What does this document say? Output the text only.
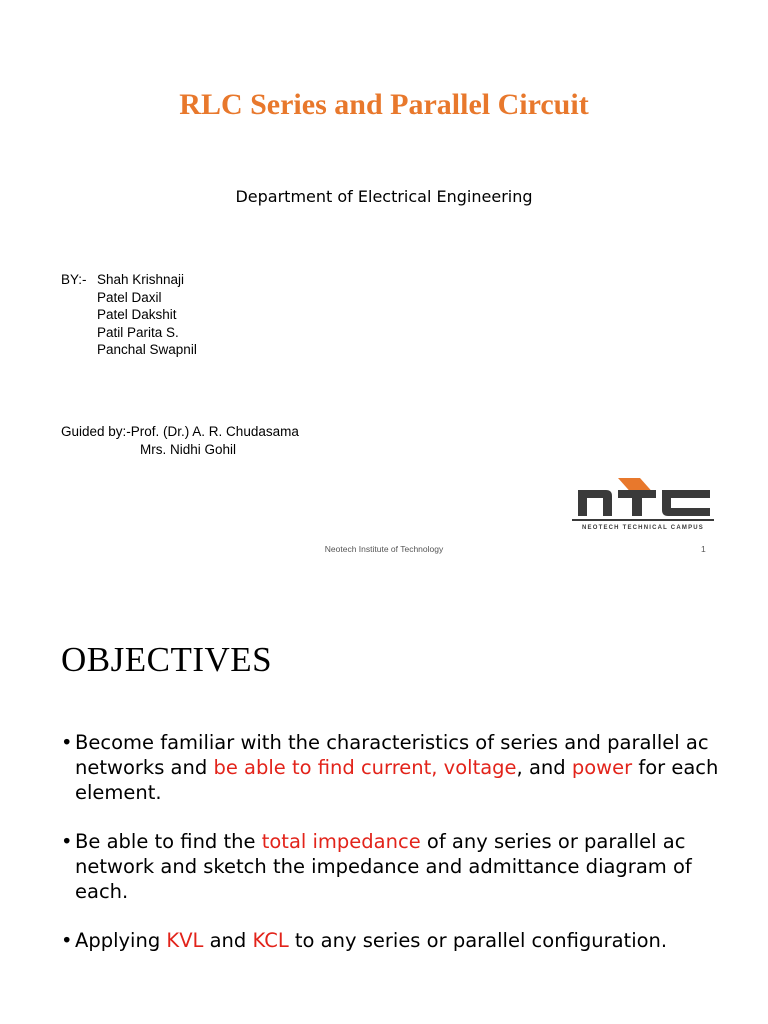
RLC Series and Parallel Circuit
Department of Electrical Engineering
BY:- Shah Krishnaji
Patel Daxil
Patel Dakshit
Patil Parita S.
Panchal Swapnil
Guided by:-Prof. (Dr.) A. R. Chudasama
Mrs. Nidhi Gohil
NEOTECH TECHNICAL CAMPUS
Neotech Institute of Technology	1
OBJECTIVES
• Become familiar with the characteristics of series and parallel ac networks and be able to find current, voltage, and power for each element.
• Be able to find the total impedance of any series or parallel ac network and sketch the impedance and admittance diagram of each.
• Applying KVL and KCL to any series or parallel configuration.
